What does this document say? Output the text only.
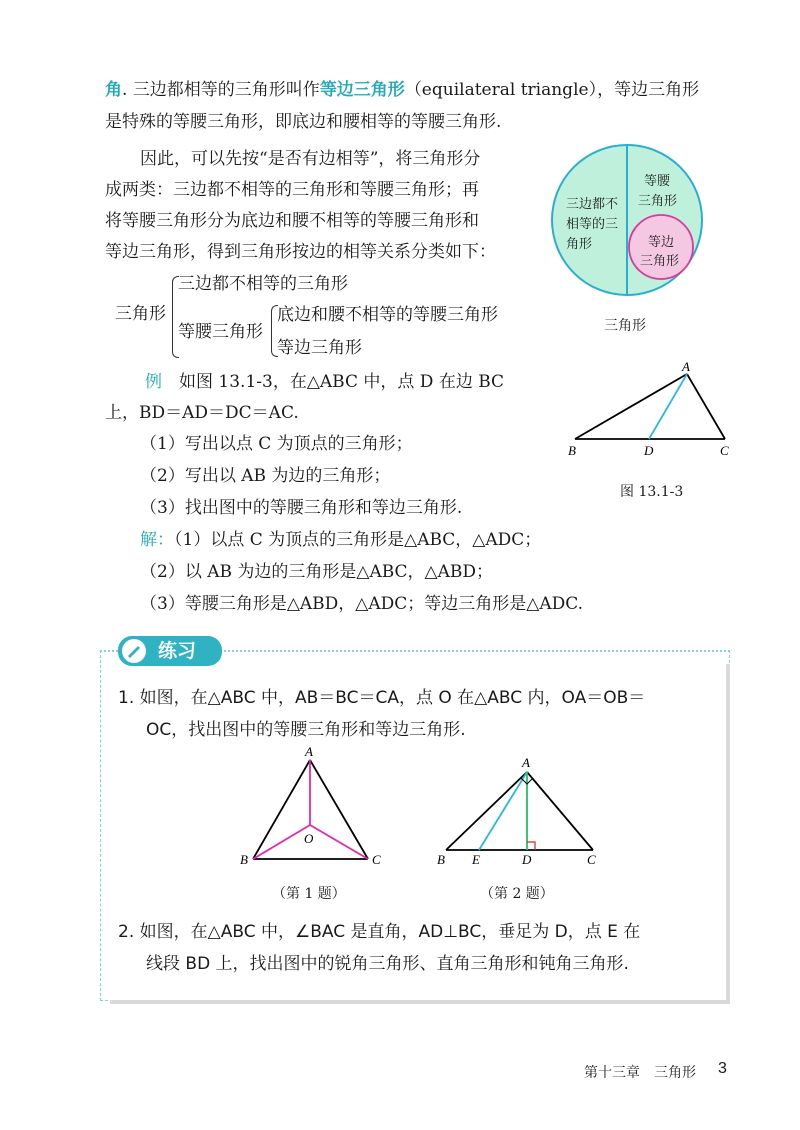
角. 三边都相等的三角形叫作等边三角形（equilateral triangle），等边三角形
是特殊的等腰三角形，即底边和腰相等的等腰三角形.
因此，可以先按“是否有边相等”，将三角形分
成两类：三边都不相等的三角形和等腰三角形；再
将等腰三角形分为底边和腰不相等的等腰三角形和
等边三角形，得到三角形按边的相等关系分类如下：
三边都不
相等的三
角形
等腰
三角形
等边
三角形
三角形
三角形
三边都不相等的三角形
等腰三角形
底边和腰不相等的等腰三角形
等边三角形
例　 如图 13.1-3，在△ABC 中，点 D 在边 BC
上，BD＝AD＝DC＝AC.
（1）写出以点 C 为顶点的三角形；
（2）写出以 AB 为边的三角形；
（3）找出图中的等腰三角形和等边三角形.
解：（1）以点 C 为顶点的三角形是△ABC，△ADC；
（2）以 AB 为边的三角形是△ABC，△ABD；
（3）等腰三角形是△ABD，△ADC；等边三角形是△ADC.
A
B	D	C
图 13.1-3
练习
1. 如图，在△ABC 中，AB＝BC＝CA，点 O 在△ABC 内，OA＝OB＝
OC，找出图中的等腰三角形和等边三角形.
A
O
B	C
（第 1 题）
A
B E	D	C
（第 2 题）
2. 如图，在△ABC 中，∠BAC 是直角，AD⊥BC，垂足为 D，点 E 在
线段 BD 上，找出图中的锐角三角形、直角三角形和钝角三角形.
第十三章　三角形 3
